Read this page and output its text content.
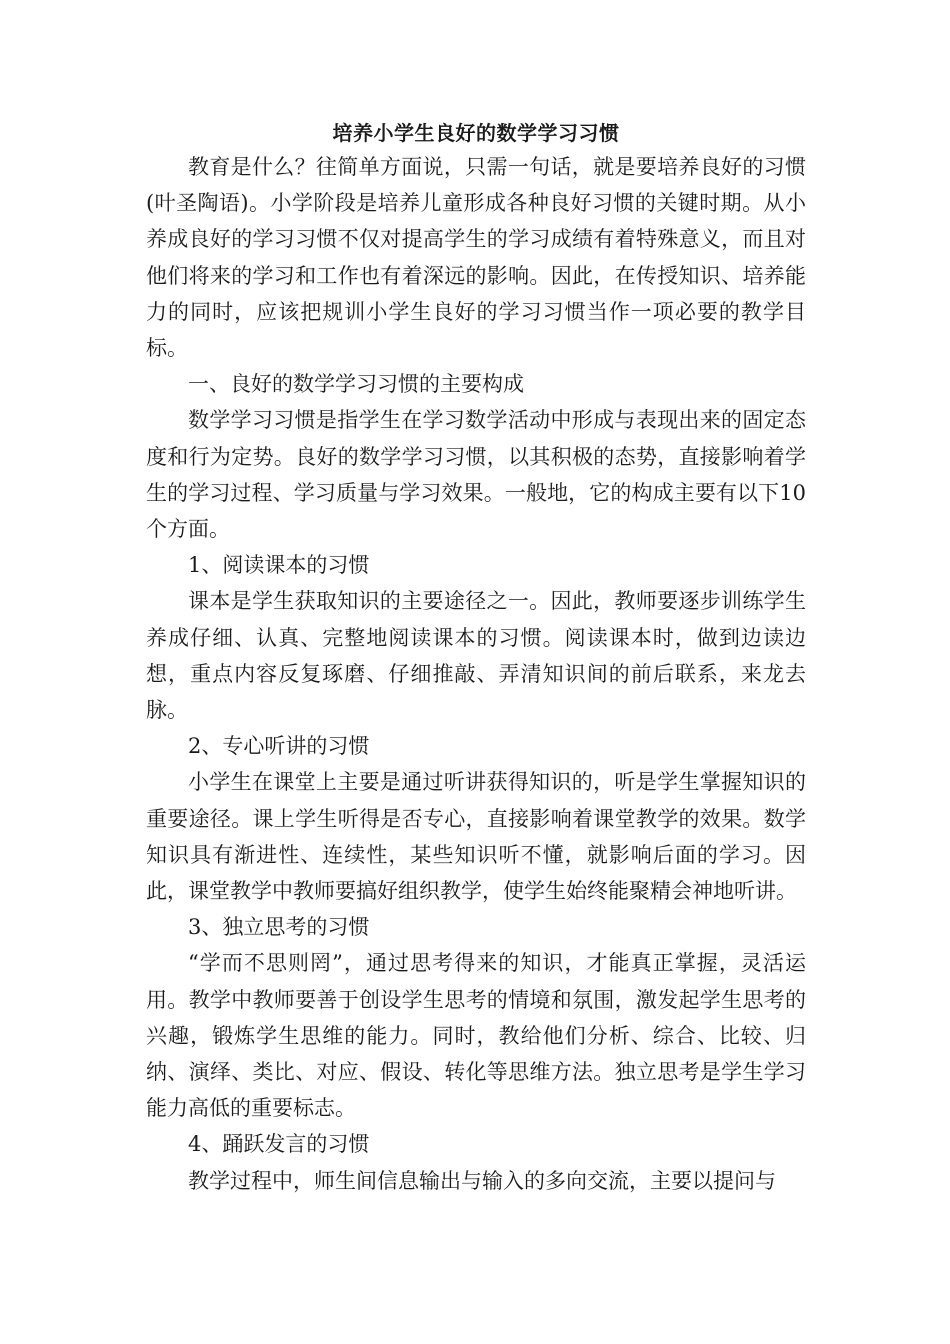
培养小学生良好的数学学习习惯

教育是什么？往简单方面说，只需一句话，就是要培养良好的习惯(叶圣陶语)。小学阶段是培养儿童形成各种良好习惯的关键时期。从小养成良好的学习习惯不仅对提高学生的学习成绩有着特殊意义，而且对他们将来的学习和工作也有着深远的影响。因此，在传授知识、培养能力的同时，应该把规训小学生良好的学习习惯当作一项必要的教学目标。

一、良好的数学学习习惯的主要构成

数学学习习惯是指学生在学习数学活动中形成与表现出来的固定态度和行为定势。良好的数学学习习惯，以其积极的态势，直接影响着学生的学习过程、学习质量与学习效果。一般地，它的构成主要有以下10个方面。

1、阅读课本的习惯

课本是学生获取知识的主要途径之一。因此，教师要逐步训练学生养成仔细、认真、完整地阅读课本的习惯。阅读课本时，做到边读边想，重点内容反复琢磨、仔细推敲、弄清知识间的前后联系，来龙去脉。

2、专心听讲的习惯

小学生在课堂上主要是通过听讲获得知识的，听是学生掌握知识的重要途径。课上学生听得是否专心，直接影响着课堂教学的效果。数学知识具有渐进性、连续性，某些知识听不懂，就影响后面的学习。因此，课堂教学中教师要搞好组织教学，使学生始终能聚精会神地听讲。

3、独立思考的习惯

“学而不思则罔”，通过思考得来的知识，才能真正掌握，灵活运用。教学中教师要善于创设学生思考的情境和氛围，激发起学生思考的兴趣，锻炼学生思维的能力。同时，教给他们分析、综合、比较、归纳、演绎、类比、对应、假设、转化等思维方法。独立思考是学生学习能力高低的重要标志。

4、踊跃发言的习惯

教学过程中，师生间信息输出与输入的多向交流，主要以提问与
